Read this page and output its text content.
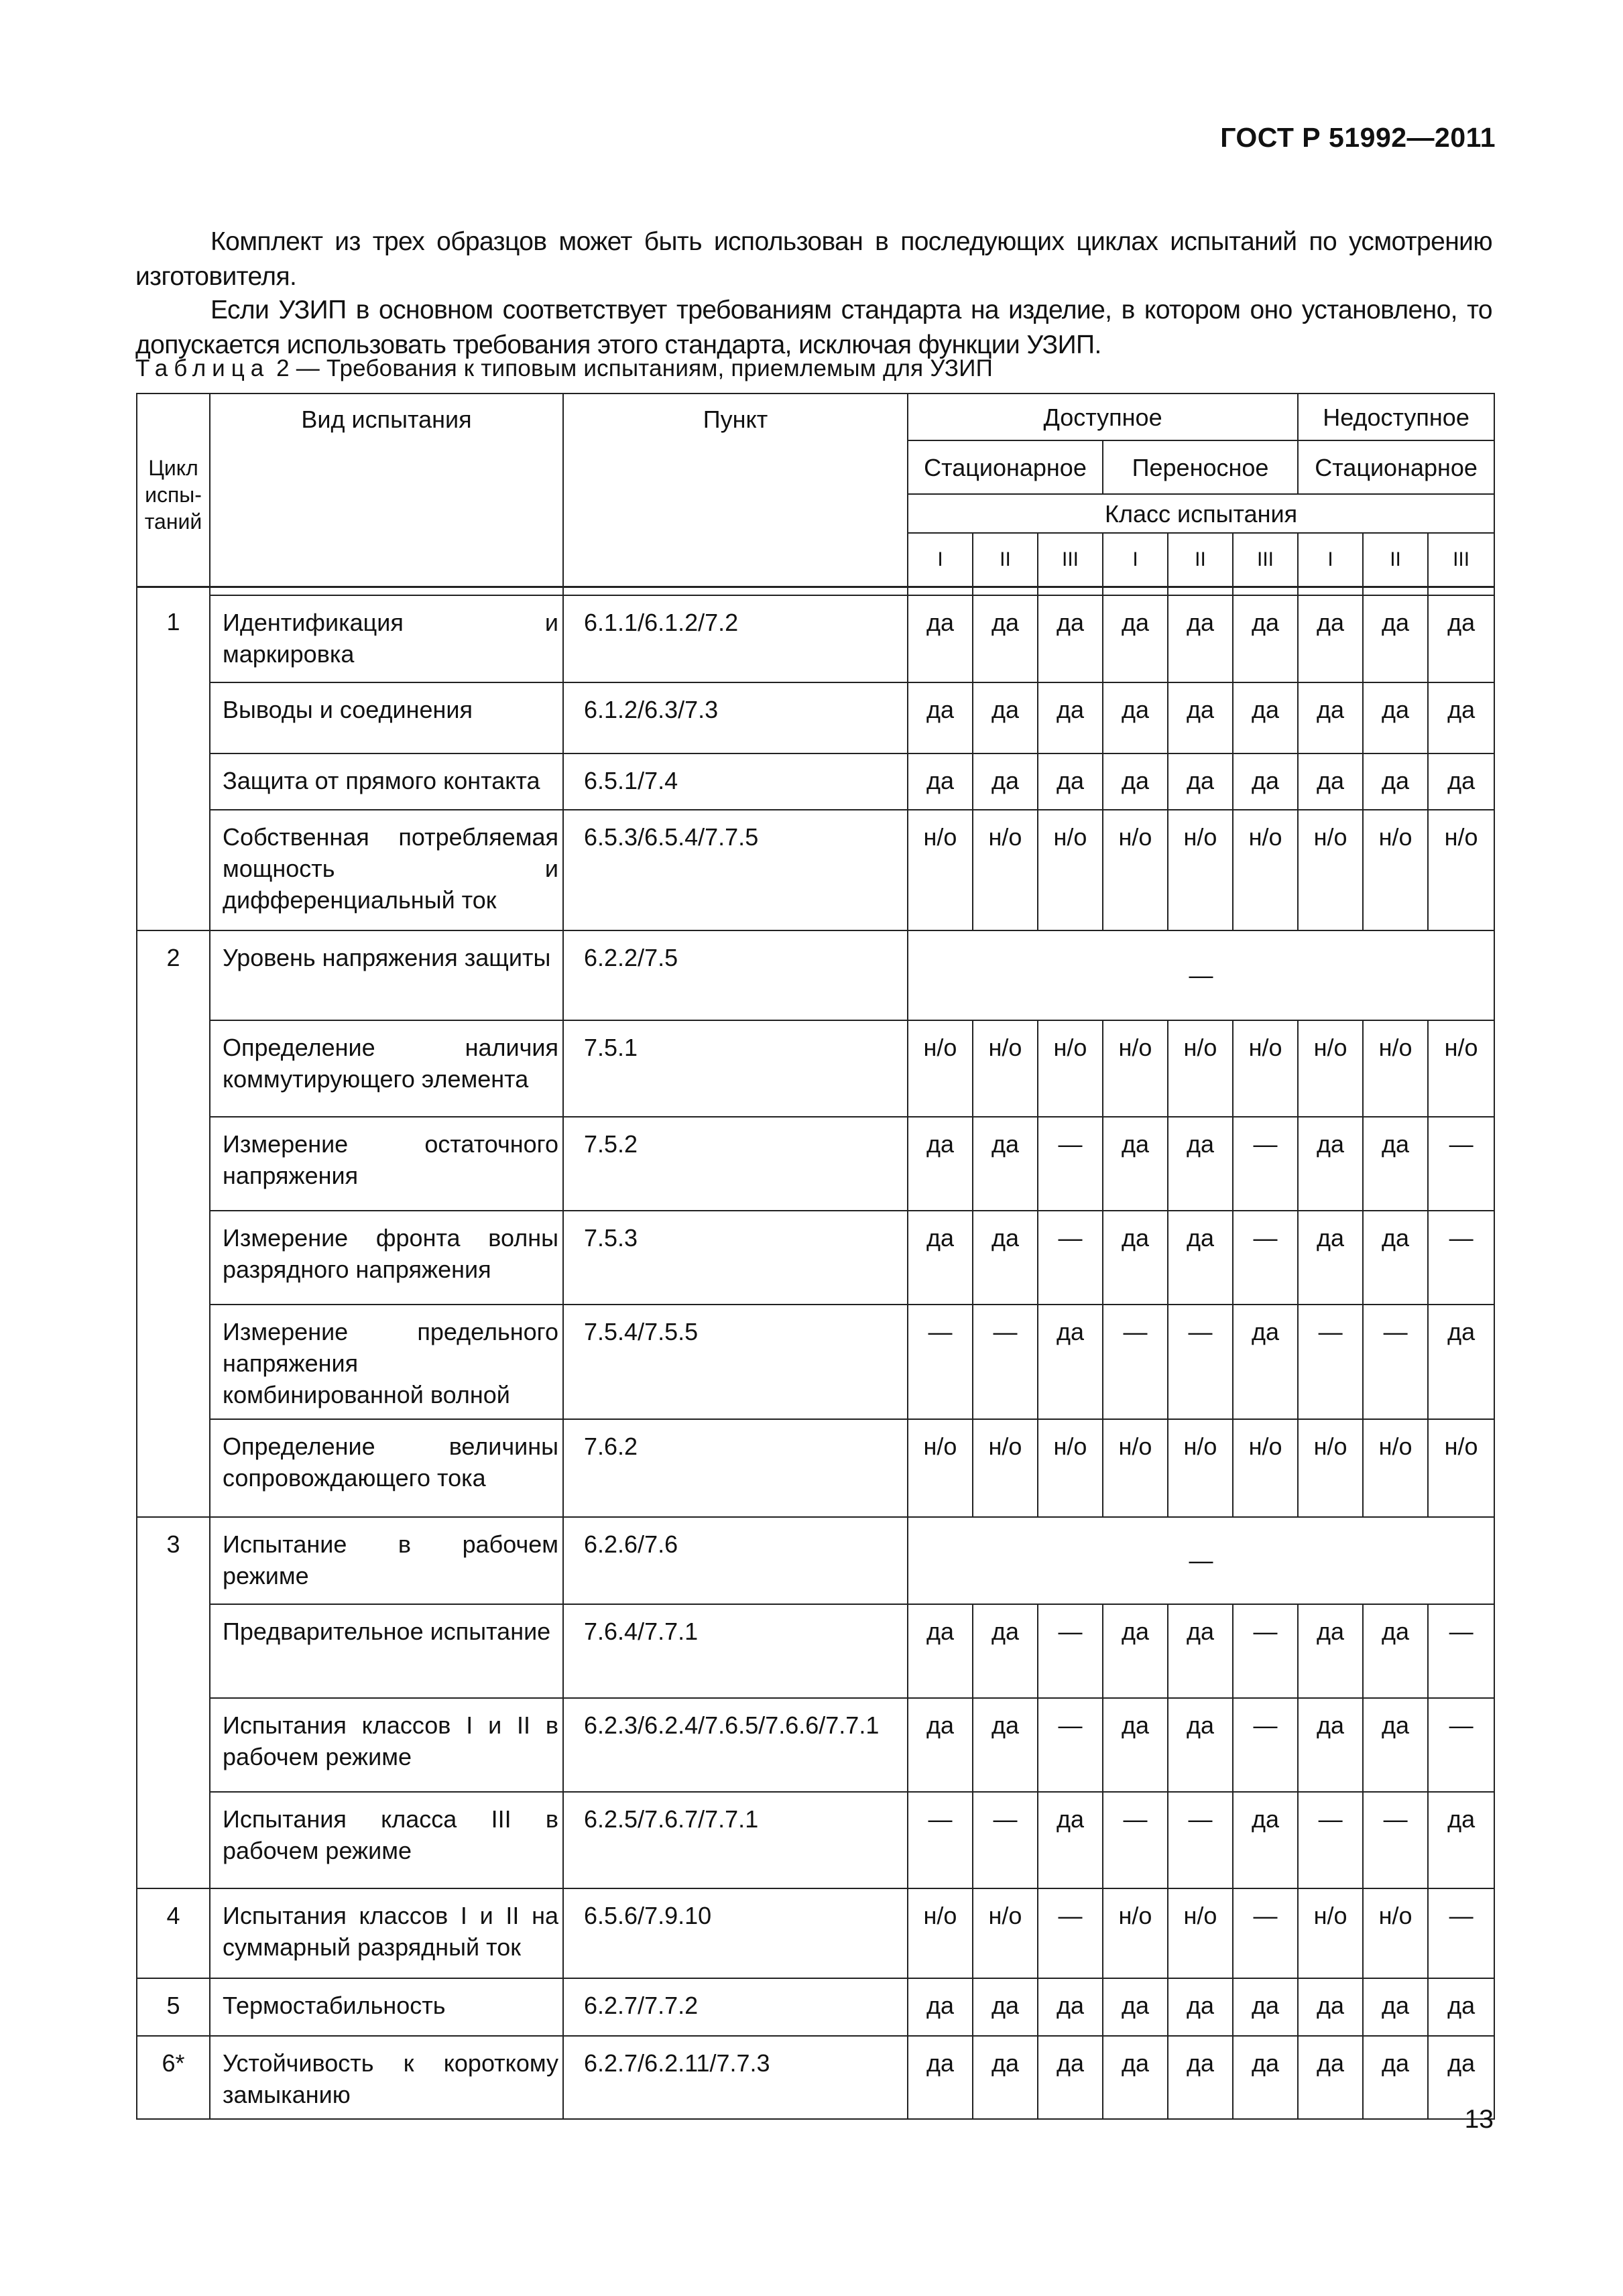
ГОСТ Р 51992—2011

Комплект из трех образцов может быть использован в последующих циклах испытаний по усмотрению изготовителя.

Если УЗИП в основном соответствует требованиям стандарта на изделие, в котором оно установлено, то допускается использовать требования этого стандарта, исключая функции УЗИП.

Таблица 2 — Требования к типовым испытаниям, приемлемым для УЗИП
Цикл испы-таний	Вид испытания	Пункт	Доступное						Недоступное		
			Стационарное			Переносное			Стационарное		
			Класс испытания								
			I	II	III	I	II	III	I	II	III

1	Идентификация и маркировка	6.1.1/6.1.2/7.2	да	да	да	да	да	да	да	да	да
	Выводы и соединения	6.1.2/6.3/7.3	да	да	да	да	да	да	да	да	да
	Защита от прямого контакта	6.5.1/7.4	да	да	да	да	да	да	да	да	да
	Собственная потребляемая мощность и дифференциальный ток	6.5.3/6.5.4/7.7.5	н/о	н/о	н/о	н/о	н/о	н/о	н/о	н/о	н/о
2	Уровень напряжения защиты	6.2.2/7.5	—								
	Определение наличия коммутирующего элемента	7.5.1	н/о	н/о	н/о	н/о	н/о	н/о	н/о	н/о	н/о
	Измерение остаточного напряжения	7.5.2	да	да	—	да	да	—	да	да	—
	Измерение фронта волны разрядного напряжения	7.5.3	да	да	—	да	да	—	да	да	—
	Измерение предельного напряжения комбинированной волной	7.5.4/7.5.5	—	—	да	—	—	да	—	—	да
	Определение величины сопровождающего тока	7.6.2	н/о	н/о	н/о	н/о	н/о	н/о	н/о	н/о	н/о
3	Испытание в рабочем режиме	6.2.6/7.6	—								
	Предварительное испытание	7.6.4/7.7.1	да	да	—	да	да	—	да	да	—
	Испытания классов I и II в рабочем режиме	6.2.3/6.2.4/7.6.5/7.6.6/7.7.1	да	да	—	да	да	—	да	да	—
	Испытания класса III в рабочем режиме	6.2.5/7.6.7/7.7.1	—	—	да	—	—	да	—	—	да
4	Испытания классов I и II на суммарный разрядный ток	6.5.6/7.9.10	н/о	н/о	—	н/о	н/о	—	н/о	н/о	—
5	Термостабильность	6.2.7/7.7.2	да	да	да	да	да	да	да	да	да
6*	Устойчивость к короткому замыканию	6.2.7/6.2.11/7.7.3	да	да	да	да	да	да	да	да	да
13
